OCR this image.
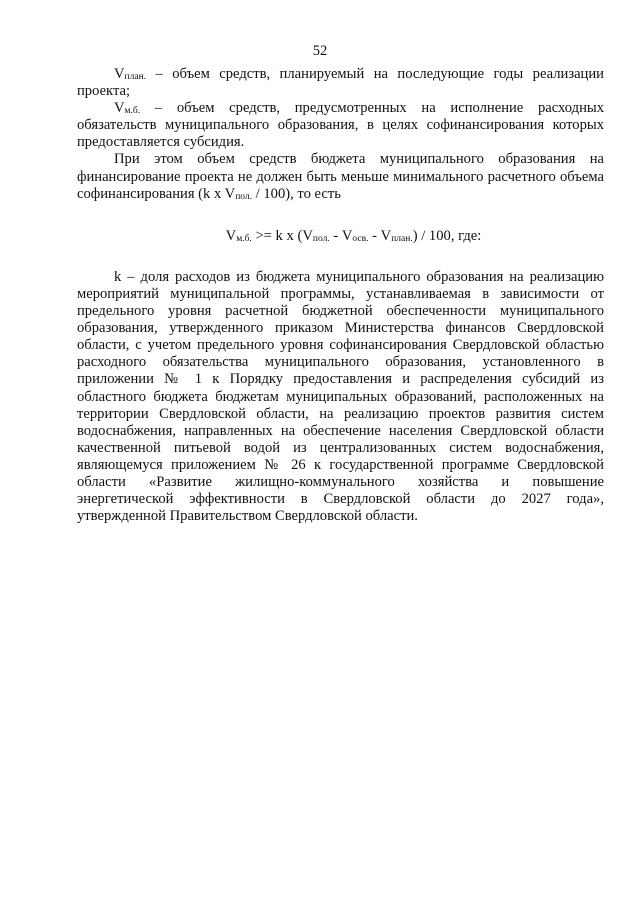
52

$V_{план.}$ – объем средств, планируемый на последующие годы реализации проекта;

$V_{м.б.}$ – объем средств, предусмотренных на исполнение расходных обязательств муниципального образования, в целях софинансирования которых предоставляется субсидия.

При этом объем средств бюджета муниципального образования на финансирование проекта не должен быть меньше минимального расчетного объема софинансирования (k x $V_{пол.} / 100$), то есть

$V_{м.б.} >= k$ x $(V_{пол.} - V_{осв.} - V_{план.}) / 100$, где:

k – доля расходов из бюджета муниципального образования на реализацию мероприятий муниципальной программы, устанавливаемая в зависимости от предельного уровня расчетной бюджетной обеспеченности муниципального образования, утвержденного приказом Министерства финансов Свердловской области, с учетом предельного уровня софинансирования Свердловской областью расходного обязательства муниципального образования, установленного в приложении № 1 к Порядку предоставления и распределения субсидий из областного бюджета бюджетам муниципальных образований, расположенных на территории Свердловской области, на реализацию проектов развития систем водоснабжения, направленных на обеспечение населения Свердловской области качественной питьевой водой из централизованных систем водоснабжения, являющемуся приложением № 26 к государственной программе Свердловской области «Развитие жилищно-коммунального хозяйства и повышение энергетической эффективности в Свердловской области до 2027 года», утвержденной Правительством Свердловской области.
